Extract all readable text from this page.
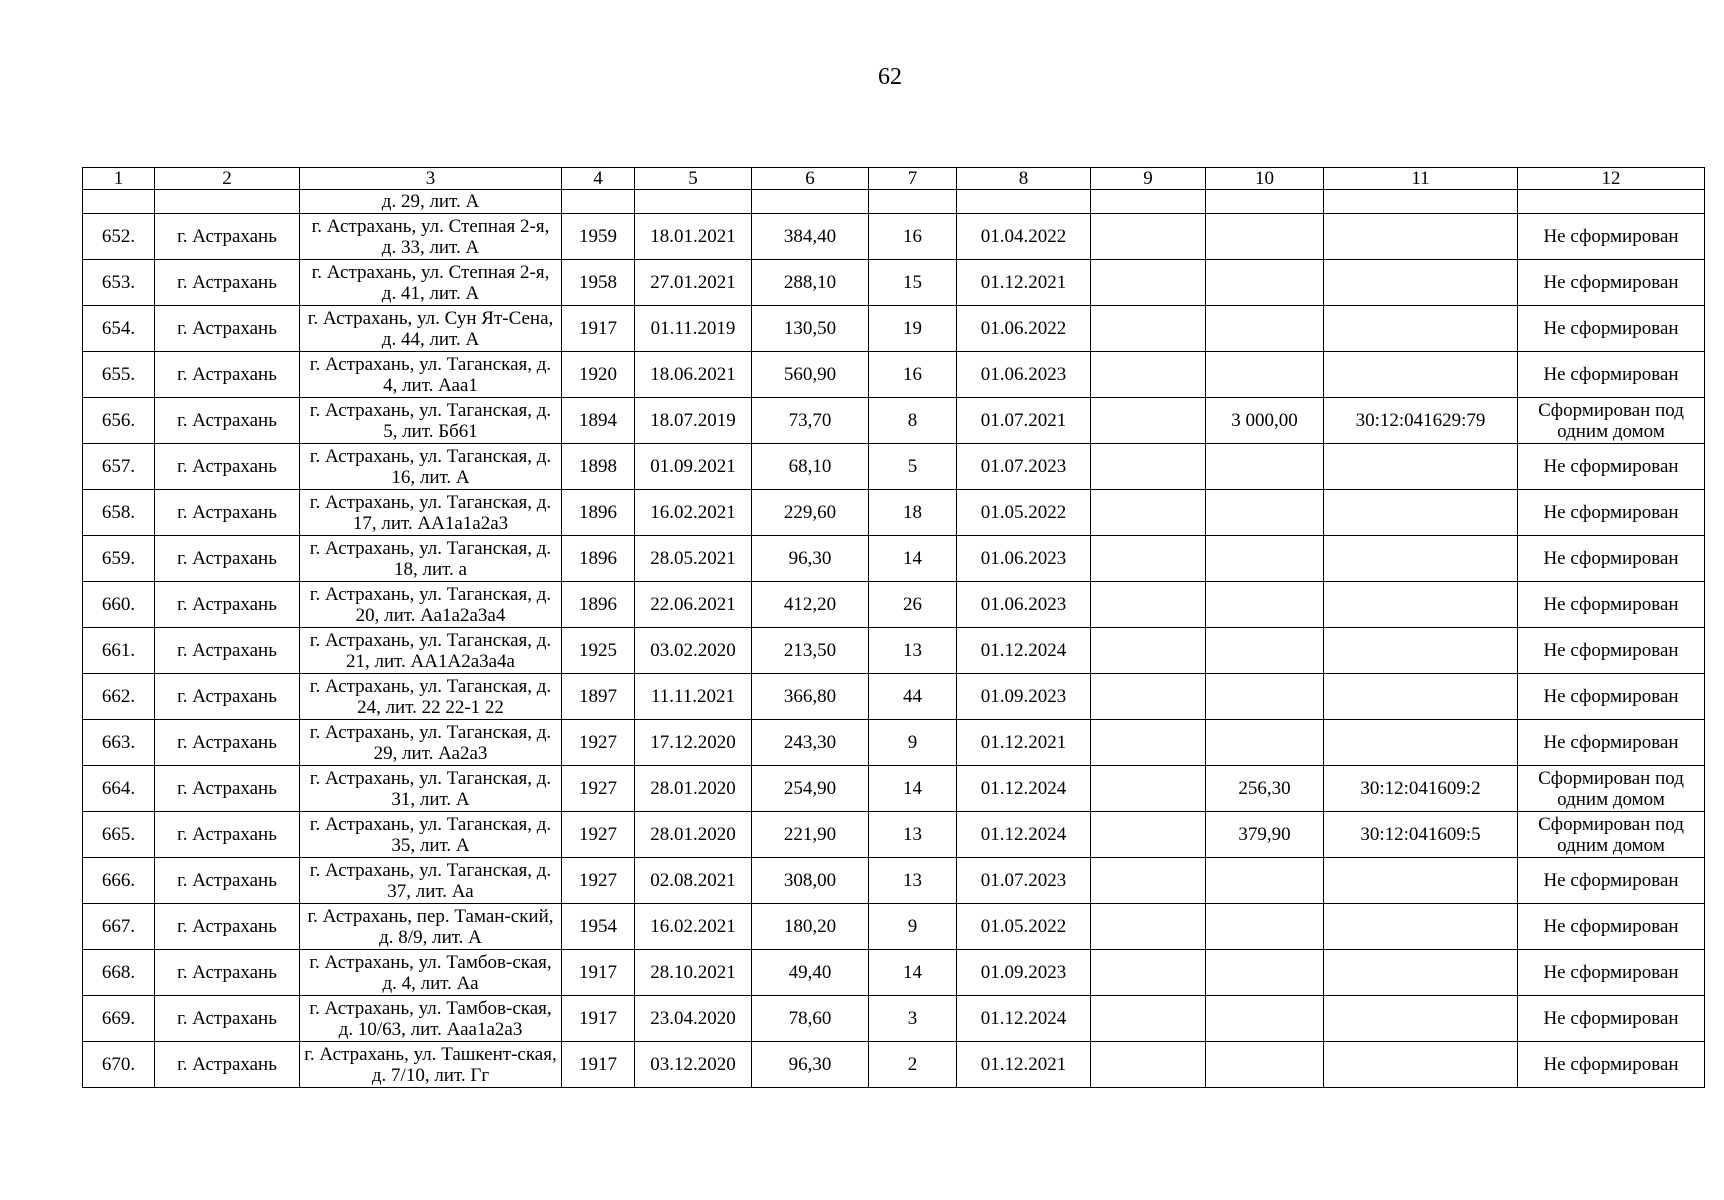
62
1	2	3	4	5	6	7	8	9	10	11	12
		д. 29, лит. А									
652.	г. Астрахань	г. Астрахань, ул. Степная 2-я, д. 33, лит. А	1959	18.01.2021	384,40	16	01.04.2022				Не сформирован
653.	г. Астрахань	г. Астрахань, ул. Степная 2-я, д. 41, лит. А	1958	27.01.2021	288,10	15	01.12.2021				Не сформирован
654.	г. Астрахань	г. Астрахань, ул. Сун Ят-Сена, д. 44, лит. А	1917	01.11.2019	130,50	19	01.06.2022				Не сформирован
655.	г. Астрахань	г. Астрахань, ул. Таганская, д. 4, лит. Ааа1	1920	18.06.2021	560,90	16	01.06.2023				Не сформирован
656.	г. Астрахань	г. Астрахань, ул. Таганская, д. 5, лит. Бб61	1894	18.07.2019	73,70	8	01.07.2021		3 000,00	30:12:041629:79	Сформирован под одним домом
657.	г. Астрахань	г. Астрахань, ул. Таганская, д. 16, лит. А	1898	01.09.2021	68,10	5	01.07.2023				Не сформирован
658.	г. Астрахань	г. Астрахань, ул. Таганская, д. 17, лит. АА1а1а2а3	1896	16.02.2021	229,60	18	01.05.2022				Не сформирован
659.	г. Астрахань	г. Астрахань, ул. Таганская, д. 18, лит. а	1896	28.05.2021	96,30	14	01.06.2023				Не сформирован
660.	г. Астрахань	г. Астрахань, ул. Таганская, д. 20, лит. Аа1а2а3а4	1896	22.06.2021	412,20	26	01.06.2023				Не сформирован
661.	г. Астрахань	г. Астрахань, ул. Таганская, д. 21, лит. АА1А2а3а4а	1925	03.02.2020	213,50	13	01.12.2024				Не сформирован
662.	г. Астрахань	г. Астрахань, ул. Таганская, д. 24, лит. 22 22-1 22	1897	11.11.2021	366,80	44	01.09.2023				Не сформирован
663.	г. Астрахань	г. Астрахань, ул. Таганская, д. 29, лит. Аа2а3	1927	17.12.2020	243,30	9	01.12.2021				Не сформирован
664.	г. Астрахань	г. Астрахань, ул. Таганская, д. 31, лит. А	1927	28.01.2020	254,90	14	01.12.2024		256,30	30:12:041609:2	Сформирован под одним домом
665.	г. Астрахань	г. Астрахань, ул. Таганская, д. 35, лит. А	1927	28.01.2020	221,90	13	01.12.2024		379,90	30:12:041609:5	Сформирован под одним домом
666.	г. Астрахань	г. Астрахань, ул. Таганская, д. 37, лит. Аа	1927	02.08.2021	308,00	13	01.07.2023				Не сформирован
667.	г. Астрахань	г. Астрахань, пер. Таман-ский, д. 8/9, лит. А	1954	16.02.2021	180,20	9	01.05.2022				Не сформирован
668.	г. Астрахань	г. Астрахань, ул. Тамбов-ская, д. 4, лит. Аа	1917	28.10.2021	49,40	14	01.09.2023				Не сформирован
669.	г. Астрахань	г. Астрахань, ул. Тамбов-ская, д. 10/63, лит. Ааа1а2а3	1917	23.04.2020	78,60	3	01.12.2024				Не сформирован
670.	г. Астрахань	г. Астрахань, ул. Ташкент-ская, д. 7/10, лит. Гг	1917	03.12.2020	96,30	2	01.12.2021				Не сформирован
